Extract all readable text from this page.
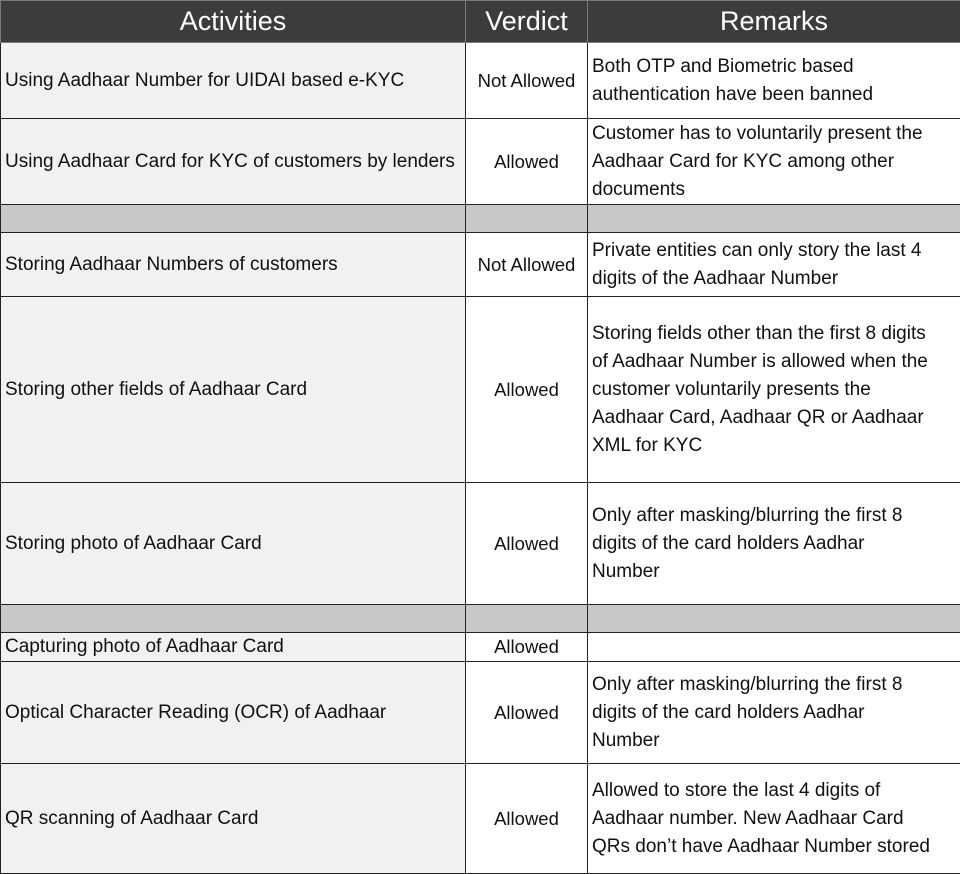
Activities	Verdict	Remarks
Using Aadhaar Number for UIDAI based e-KYC	Not Allowed	Both OTP and Biometric based
authentication have been banned

Using Aadhaar Card for KYC of customers by lenders	Allowed	Customer has to voluntarily present the
Aadhaar Card for KYC among other
documents

Storing Aadhaar Numbers of customers	Not Allowed	Private entities can only story the last 4
digits of the Aadhaar Number

Storing other fields of Aadhaar Card	Allowed	Storing fields other than the first 8 digits
of Aadhaar Number is allowed when the
customer voluntarily presents the
Aadhaar Card, Aadhaar QR or Aadhaar
XML for KYC

Storing photo of Aadhaar Card	Allowed	Only after masking/blurring the first 8
digits of the card holders Aadhar
Number

Capturing photo of Aadhaar Card	Allowed	
Optical Character Reading (OCR) of Aadhaar	Allowed	Only after masking/blurring the first 8
digits of the card holders Aadhar
Number

QR scanning of Aadhaar Card	Allowed	Allowed to store the last 4 digits of
Aadhaar number. New Aadhaar Card
QRs don’t have Aadhaar Number stored
